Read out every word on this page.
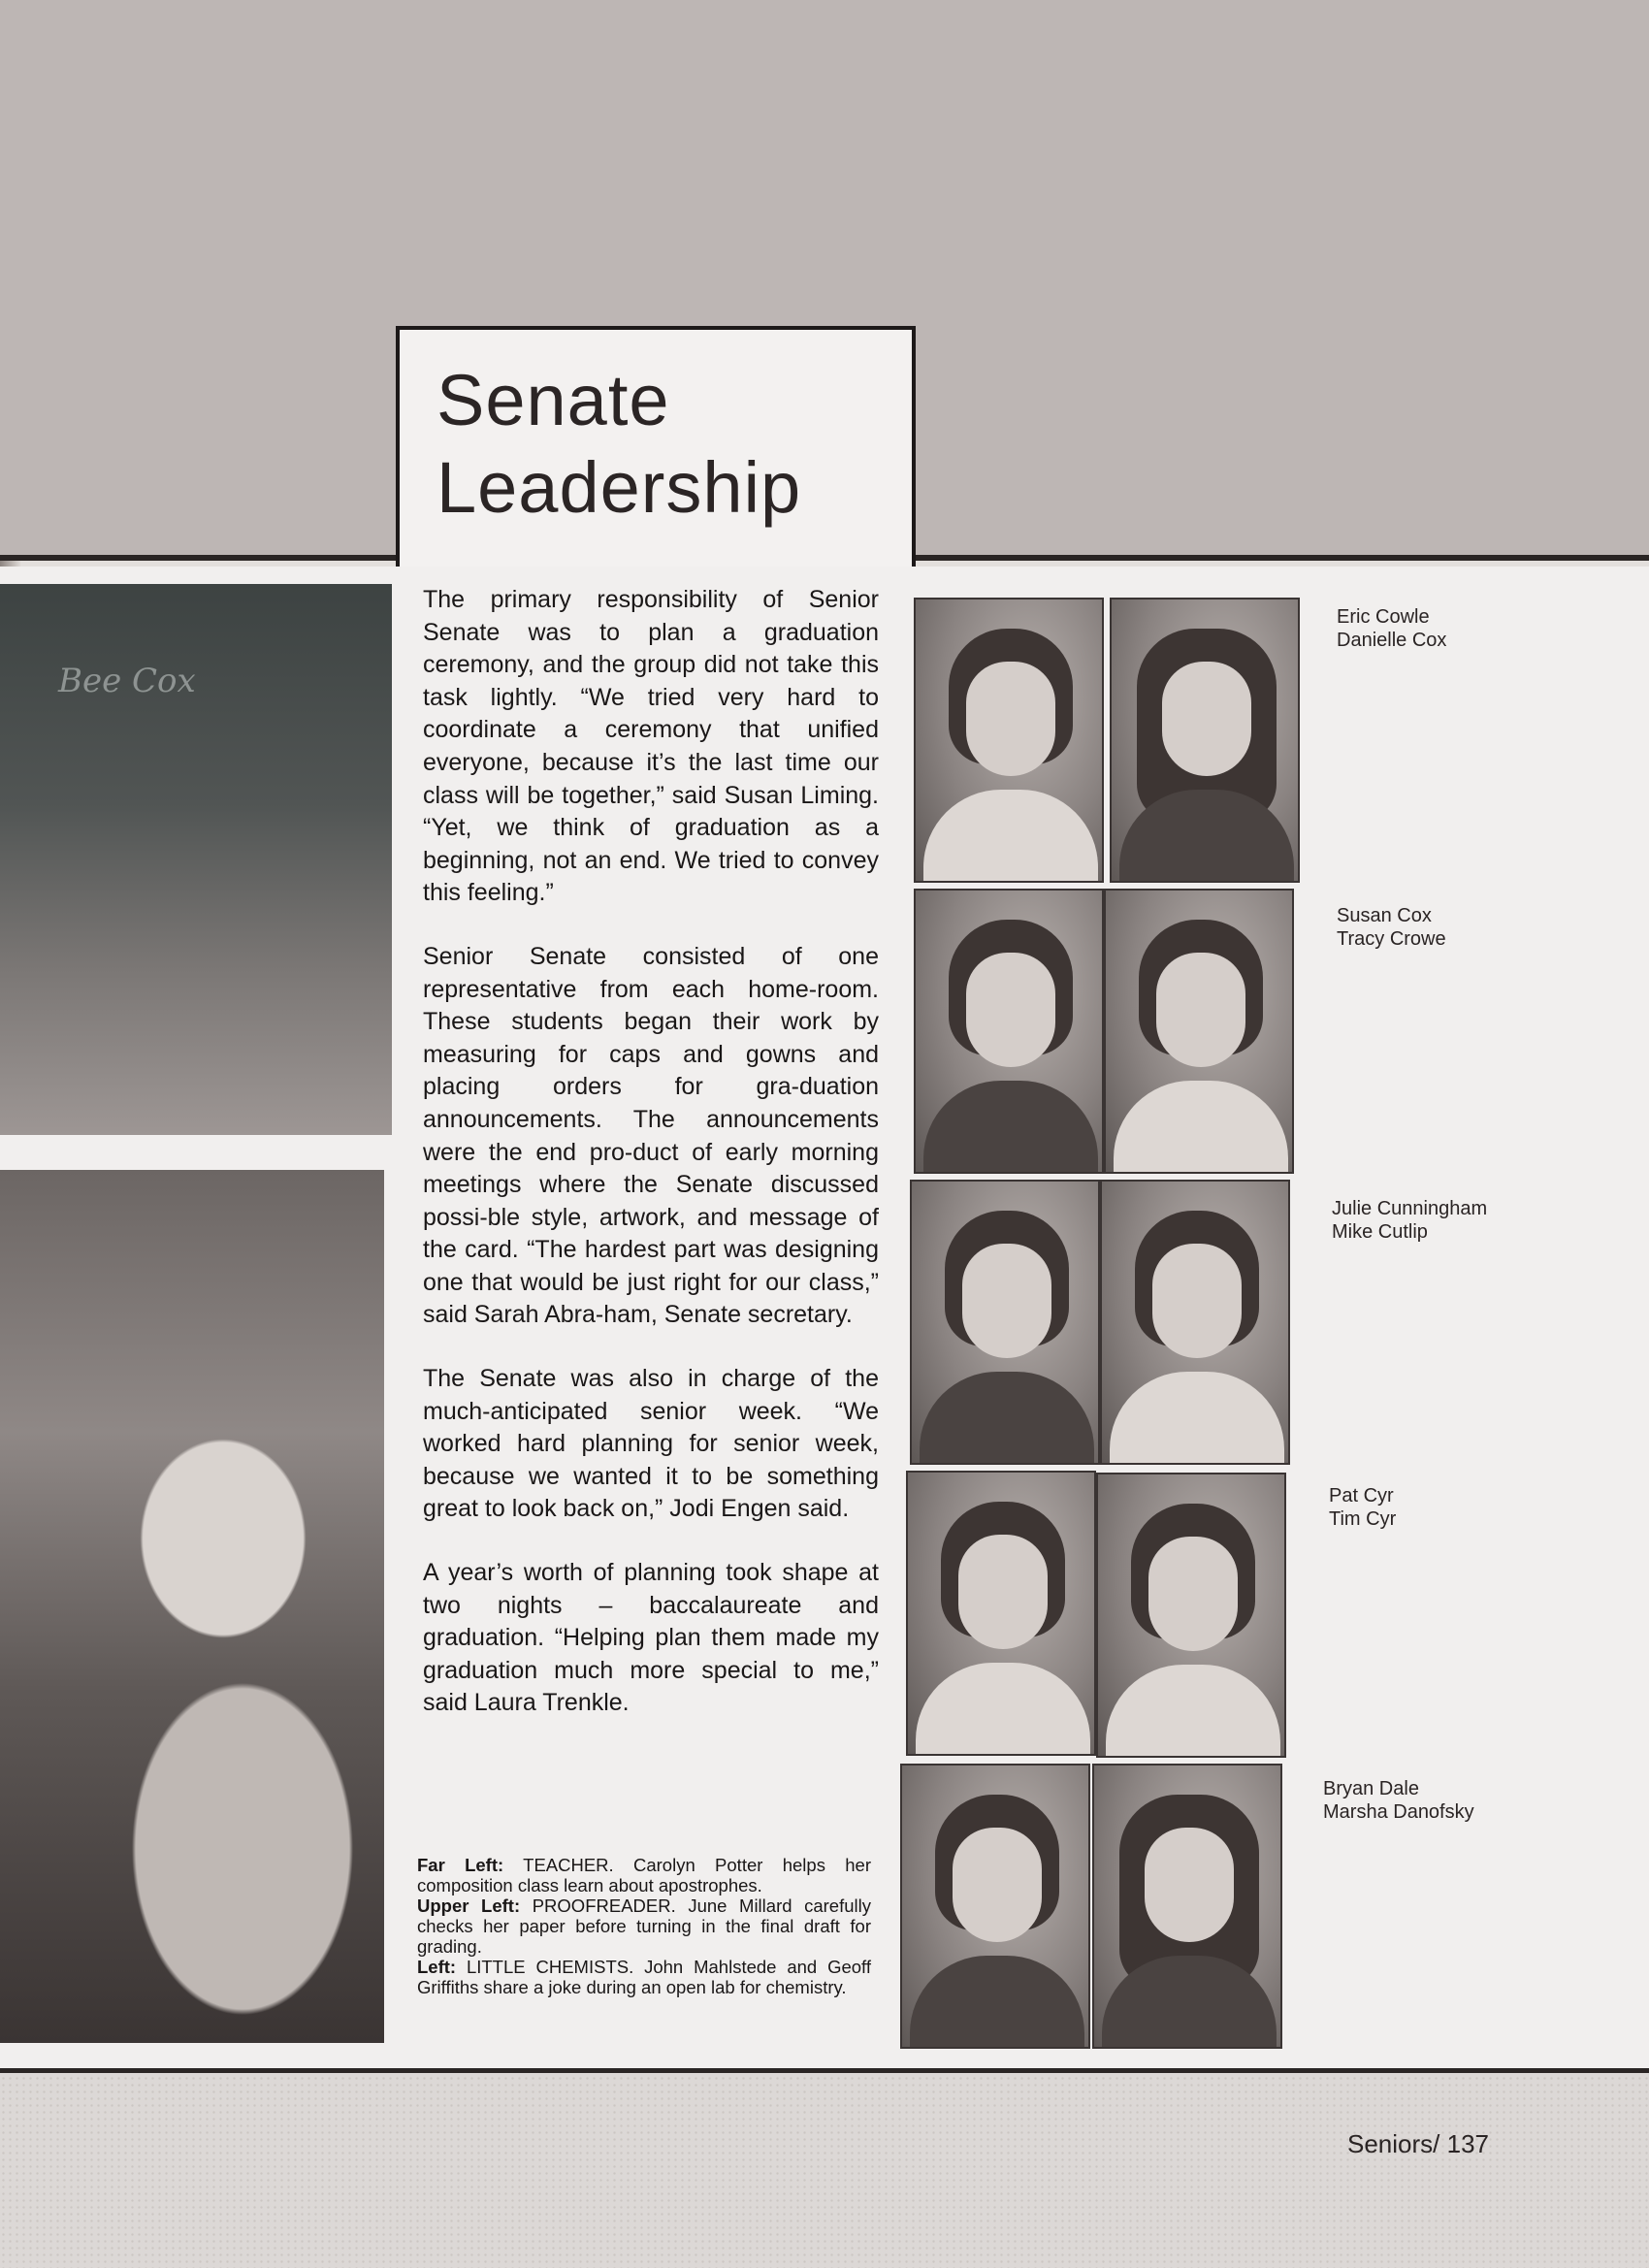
Senate
Leadership
Bee Cox

The primary responsibility of Senior Senate was to plan a graduation ceremony, and the group did not take this task lightly. “We tried very hard to coordinate a ceremony that unified everyone, because it’s the last time our class will be together,” said Susan Liming. “Yet, we think of graduation as a beginning, not an end. We tried to convey this feeling.”

Senior Senate consisted of one representative from each home-room. These students began their work by measuring for caps and gowns and placing orders for gra-duation announcements. The announcements were the end pro-duct of early morning meetings where the Senate discussed possi-ble style, artwork, and message of the card. “The hardest part was designing one that would be just right for our class,” said Sarah Abra-ham, Senate secretary.

The Senate was also in charge of the much-anticipated senior week. “We worked hard planning for senior week, because we wanted it to be something great to look back on,” Jodi Engen said.

A year’s worth of planning took shape at two nights – baccalaureate and graduation. “Helping plan them made my graduation much more special to me,” said Laura Trenkle.

Far Left: TEACHER. Carolyn Potter helps her composition class learn about apostrophes.

Upper Left: PROOFREADER. June Millard carefully checks her paper before turning in the final draft for grading.

Left: LITTLE CHEMISTS. John Mahlstede and Geoff Griffiths share a joke during an open lab for chemistry.

Eric Cowle
Danielle Cox
Susan Cox
Tracy Crowe
Julie Cunningham
Mike Cutlip
Pat Cyr
Tim Cyr
Bryan Dale
Marsha Danofsky
Seniors/ 137
